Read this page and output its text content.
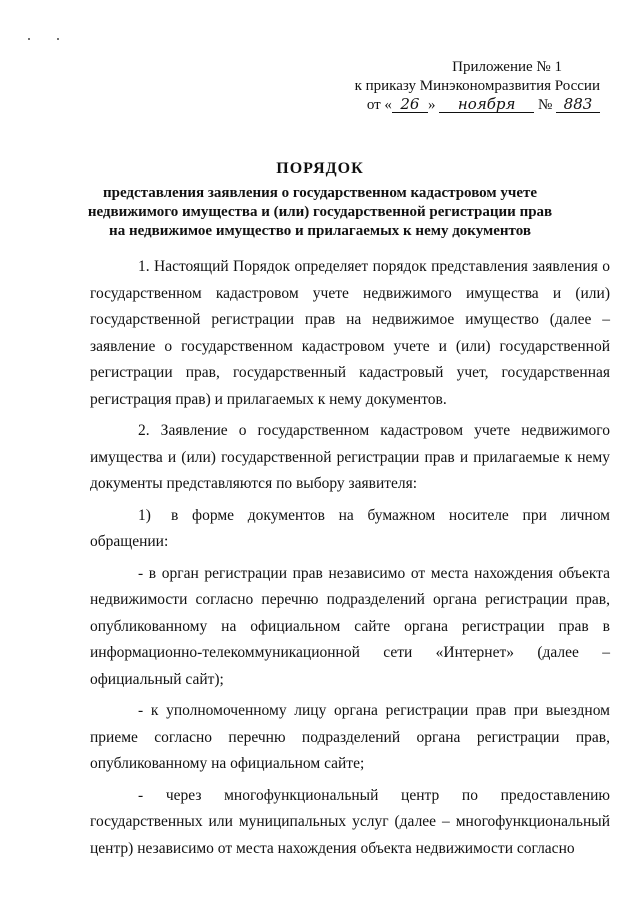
Приложение № 1
к приказу Минэкономразвития России
от « 26 » ноября № 883
ПОРЯДОК
представления заявления о государственном кадастровом учете
недвижимого имущества и (или) государственной регистрации прав
на недвижимое имущество и прилагаемых к нему документов

1. Настоящий Порядок определяет порядок представления заявления о государственном кадастровом учете недвижимого имущества и (или) государственной регистрации прав на недвижимое имущество (далее – заявление о государственном кадастровом учете и (или) государственной регистрации прав, государственный кадастровый учет, государственная регистрация прав) и прилагаемых к нему документов.

2. Заявление о государственном кадастровом учете недвижимого имущества и (или) государственной регистрации прав и прилагаемые к нему документы представляются по выбору заявителя:

1) в форме документов на бумажном носителе при личном обращении:

- в орган регистрации прав независимо от места нахождения объекта недвижимости согласно перечню подразделений органа регистрации прав, опубликованному на официальном сайте органа регистрации прав в информационно-телекоммуникационной сети «Интернет» (далее – официальный сайт);

- к уполномоченному лицу органа регистрации прав при выездном приеме согласно перечню подразделений органа регистрации прав, опубликованному на официальном сайте;

- через многофункциональный центр по предоставлению государственных или муниципальных услуг (далее – многофункциональный центр) независимо от места нахождения объекта недвижимости согласно
